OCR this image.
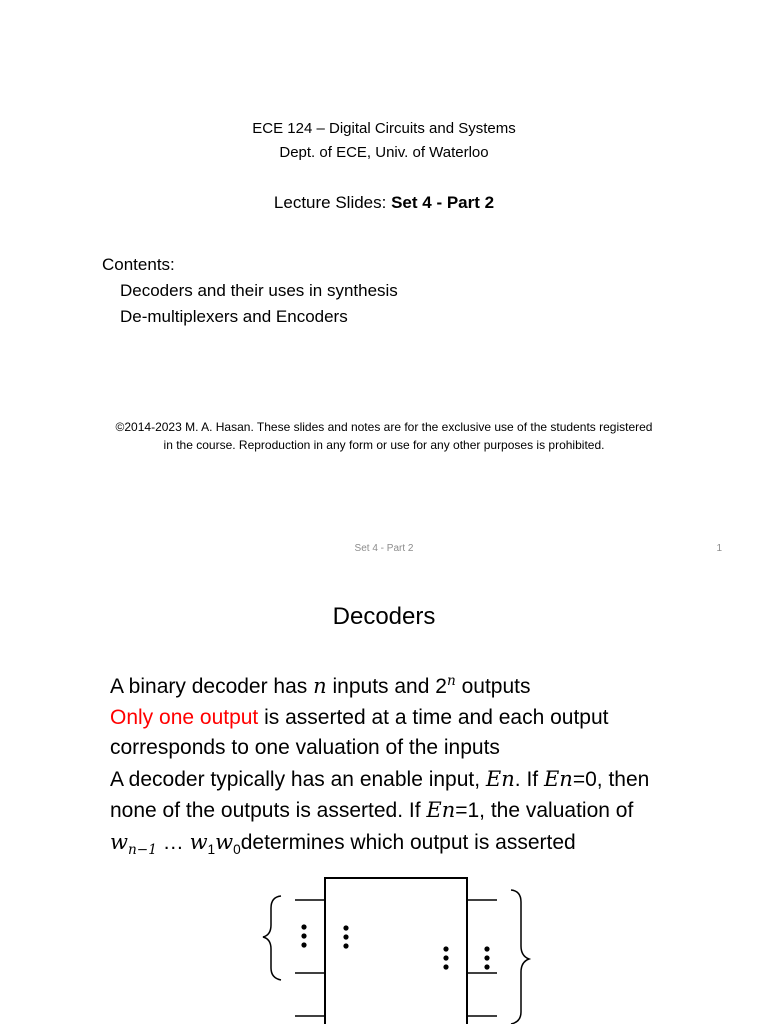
ECE 124 – Digital Circuits and Systems
Dept. of ECE, Univ. of Waterloo
Lecture Slides: Set 4 - Part 2
Contents:
Decoders and their uses in synthesis
De-multiplexers and Encoders
©2014-2023 M. A. Hasan. These slides and notes are for the exclusive use of the students registered
in the course. Reproduction in any form or use for any other purposes is prohibited.
Set 4 - Part 2	1
Decoders
A binary decoder has n inputs and 2$^n$ outputs
Only one output is asserted at a time and each output
corresponds to one valuation of the inputs
A decoder typically has an enable input, En. If En=0, then
none of the outputs is asserted. If En=1, the valuation of
$w_{n-1}$ … $w_1w_0determines$ which output is asserted
